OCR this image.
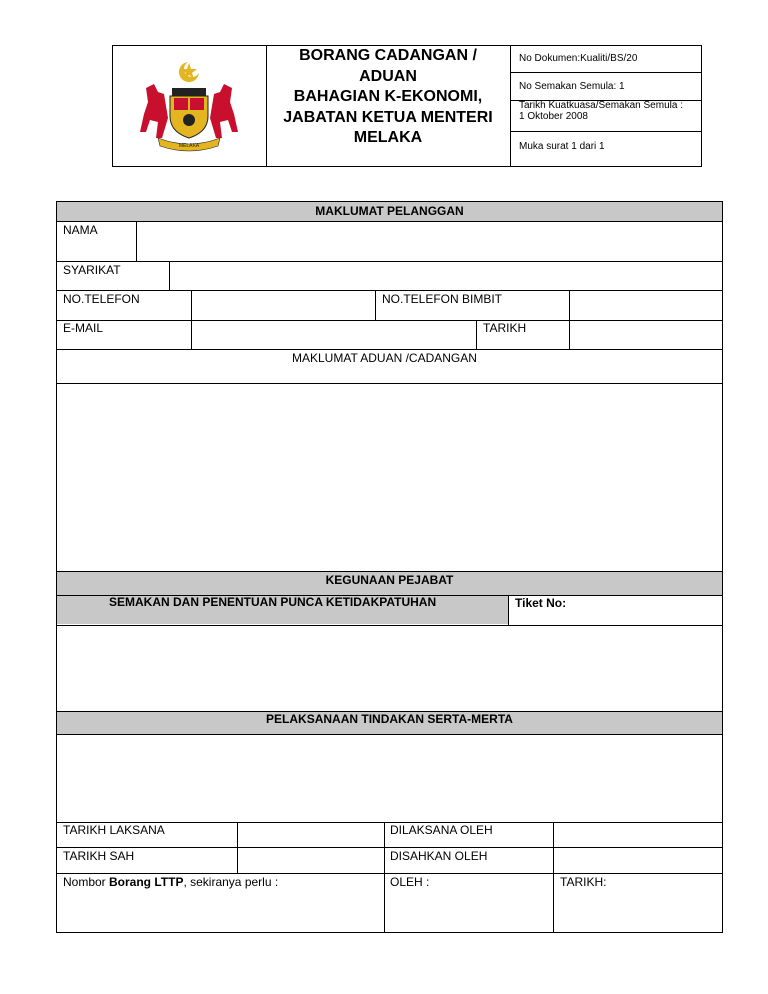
MELAKA
BORANG CADANGAN /
ADUAN
BAHAGIAN K-EKONOMI,
JABATAN KETUA MENTERI
MELAKA
No Dokumen:Kualiti/BS/20
No Semakan Semula: 1
Tarikh Kuatkuasa/Semakan Semula :
1 Oktober 2008
Muka surat 1 dari 1
MAKLUMAT PELANGGAN
NAMA
SYARIKAT
NO.TELEFON	NO.TELEFON BIMBIT
E-MAIL	TARIKH
MAKLUMAT ADUAN /CADANGAN
KEGUNAAN PEJABAT
SEMAKAN DAN PENENTUAN PUNCA KETIDAKPATUHAN	Tiket No:
PELAKSANAAN TINDAKAN SERTA-MERTA
TARIKH LAKSANA	DILAKSANA OLEH
TARIKH SAH	DISAHKAN OLEH
Nombor Borang LTTP, sekiranya perlu :	OLEH :	TARIKH:
